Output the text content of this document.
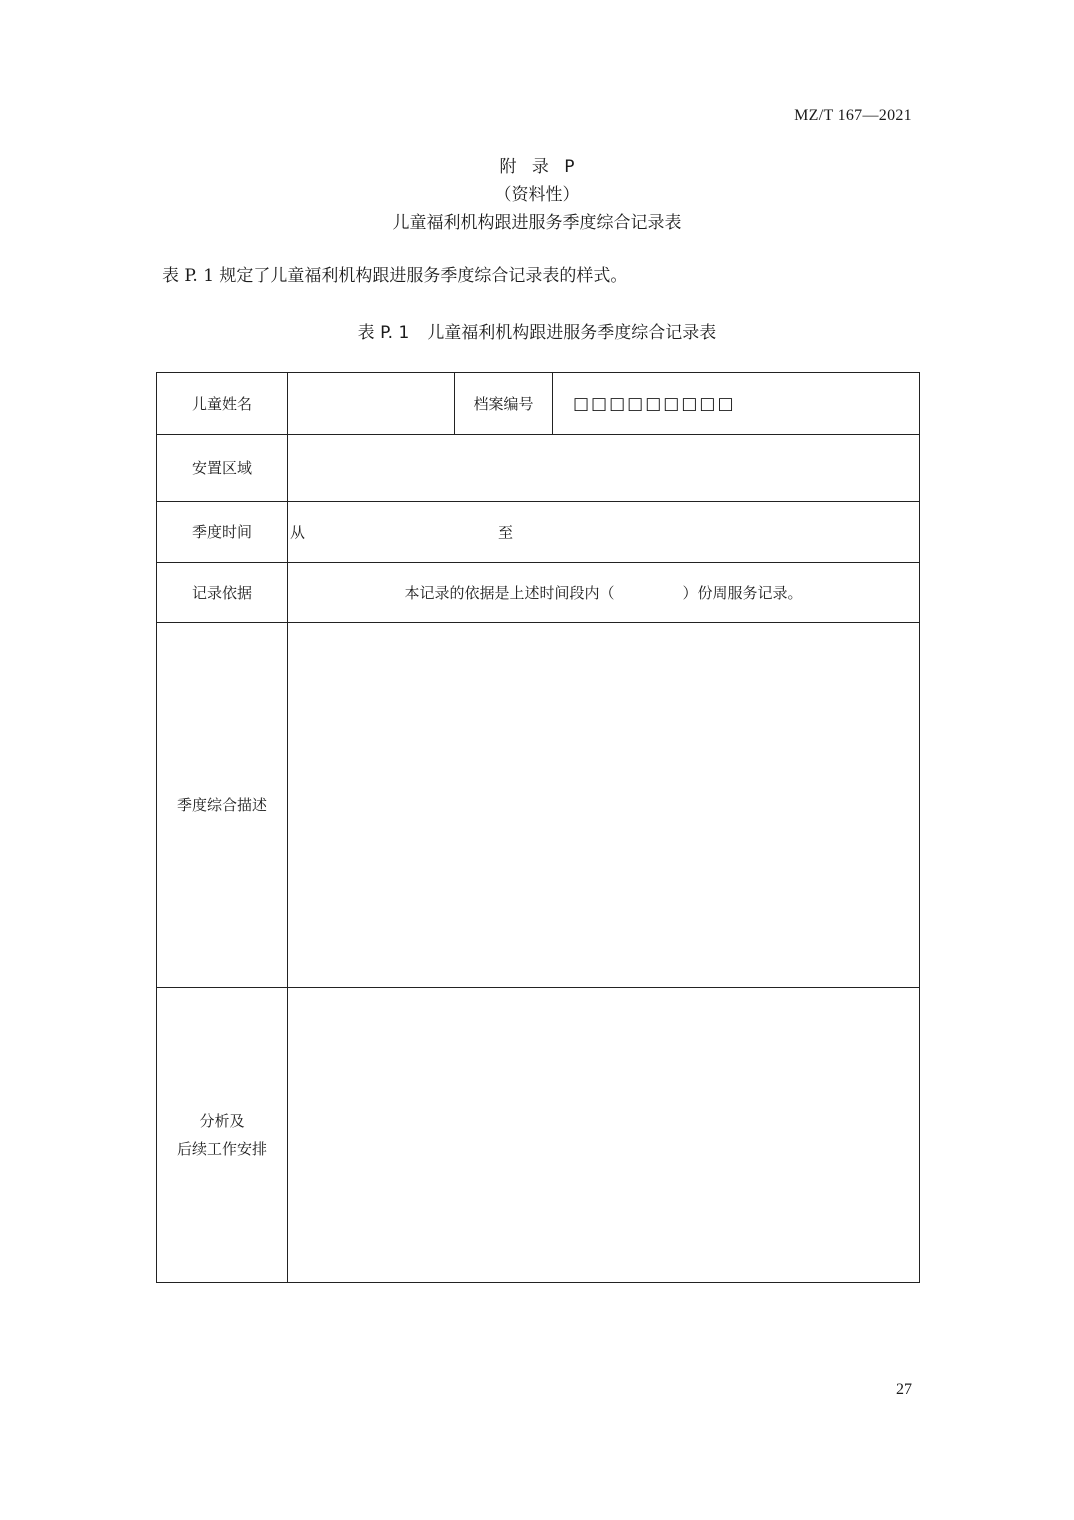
MZ/T 167—2021
附 录 P
（资料性）
儿童福利机构跟进服务季度综合记录表
表 P. 1 规定了儿童福利机构跟进服务季度综合记录表的样式。
表 P. 1 儿童福利机构跟进服务季度综合记录表
儿童姓名		档案编号	□□□□□□□□□
安置区域			
季度时间	从 至		

记录依据	本记录的依据是上述时间段内（ ）份周服务记录。		
季度综合描述			

分析及
后续工作安排			

27
